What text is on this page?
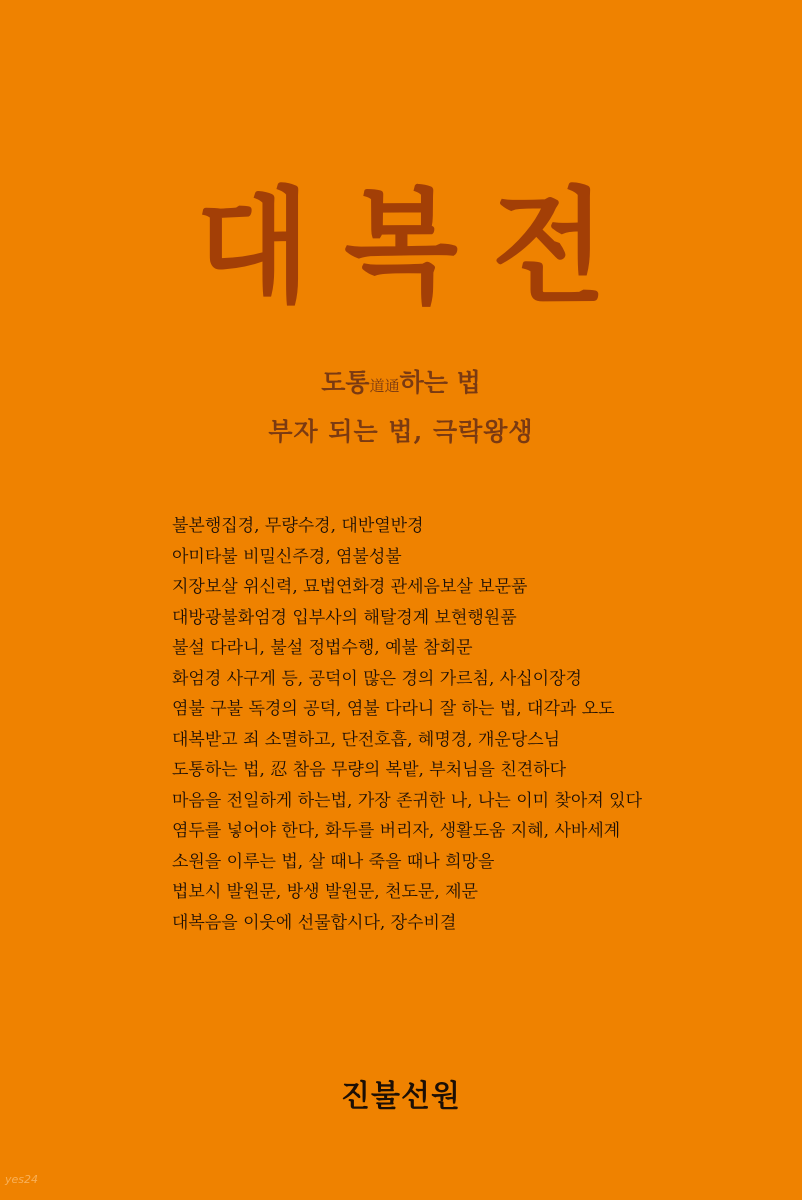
대복전
도통道通하는 법
부자 되는 법, 극락왕생
불본행집경, 무량수경, 대반열반경
아미타불 비밀신주경, 염불성불
지장보살 위신력, 묘법연화경 관세음보살 보문품
대방광불화엄경 입부사의 해탈경계 보현행원품
불설 다라니, 불설 정법수행, 예불 참회문
화엄경 사구게 등, 공덕이 많은 경의 가르침, 사십이장경
염불 구불 독경의 공덕, 염불 다라니 잘 하는 법, 대각과 오도
대복받고 죄 소멸하고, 단전호흡, 혜명경, 개운당스님
도통하는 법, 忍 참음 무량의 복밭, 부처님을 친견하다
마음을 전일하게 하는법, 가장 존귀한 나, 나는 이미 찾아져 있다
염두를 넣어야 한다, 화두를 버리자, 생활도움 지혜, 사바세계
소원을 이루는 법, 살 때나 죽을 때나 희망을
법보시 발원문, 방생 발원문, 천도문, 제문
대복음을 이웃에 선물합시다, 장수비결
진불선원
yes24
